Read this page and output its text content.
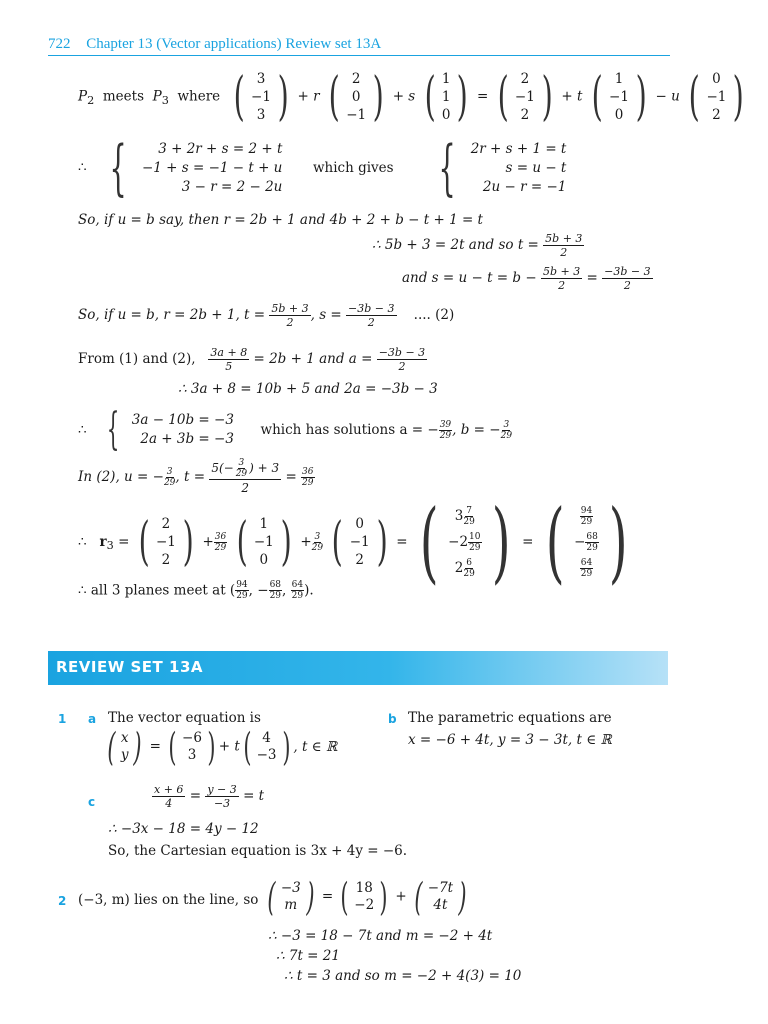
722 Chapter 13 (Vector applications) Review set 13A
$P_2$ meets $P_3$ where ( 3
−1
3 ) + r ( 2
0
−1 ) + s ( 1
1
0 ) = ( 2
−1
2 ) + t ( 1
−1
0 ) − u ( 0
−1
2 )
∴ { 3 + 2r + s = 2 + t
−1 + s = −1 − t + u
3 − r = 2 − 2u
which gives { 2r + s + 1 = t
s = u − t
2u − r = −1
So, if u = b say, then r = 2b + 1 and 4b + 2 + b − t + 1 = t
∴ 5b + 3 = 2t and so $t = \frac{5b + 3}{2}$
and $s = u - t = b - \frac{5b + 3}{2} = \frac{-3b - 3}{2}$
So, if u = b, r = 2b + 1, $t = \frac{5b + 3}{2}$ , $s = \frac{-3b - 3}{2}$ .... (2)
From (1) and (2), $\frac{3a + 8}{5} = 2b + 1$ and $a = \frac{-3b - 3}{2}$
∴ 3a + 8 = 10b + 5 and 2a = −3b − 3
∴ { 3a − 10b = −3
2a + 3b = −3
which has solutions a = − $\frac{39}{29}$ , b = − $\frac{3}{29}$
In (2), u = − $\frac{3}{29}$ , $t = \frac{5(- \frac{3}{29} ) + 3}{2} = \frac{36}{29}$
∴ $r_3$ = ( 2
−1
2 ) + $\frac{36}{29}$
( 1
−1
0 ) + $\frac{3}{29}$
( 0
−1
2 ) = ( $3 \frac{7}{29}$
$-2 \frac{10}{29}$
$2 \frac{6}{29}$ ) = ( $\frac{94}{29}$
− $\frac{68}{29}$
$\frac{64}{29}$ )
∴ all 3 planes meet at ( $\frac{94}{29}$ , − $\frac{68}{29}$ , $\frac{64}{29}$ ).
REVIEW SET 13A
1 a The vector equation is
( x
y ) = ( −6
3 ) + t ( 4
−3 ) , t ∈ ℝ
b The parametric equations are
x = −6 + 4t, y = 3 − 3t, t ∈ ℝ
c	$\frac{x + 6}{4} = \frac{y - 3}{-3} = t$
∴ −3x − 18 = 4y − 12
So, the Cartesian equation is 3x + 4y = −6.
2 (−3, m) lies on the line, so ( −3
m ) = ( 18
−2 ) + ( −7t
4t )
∴ −3 = 18 − 7t and m = −2 + 4t
∴ 7t = 21
∴ t = 3 and so m = −2 + 4(3) = 10
